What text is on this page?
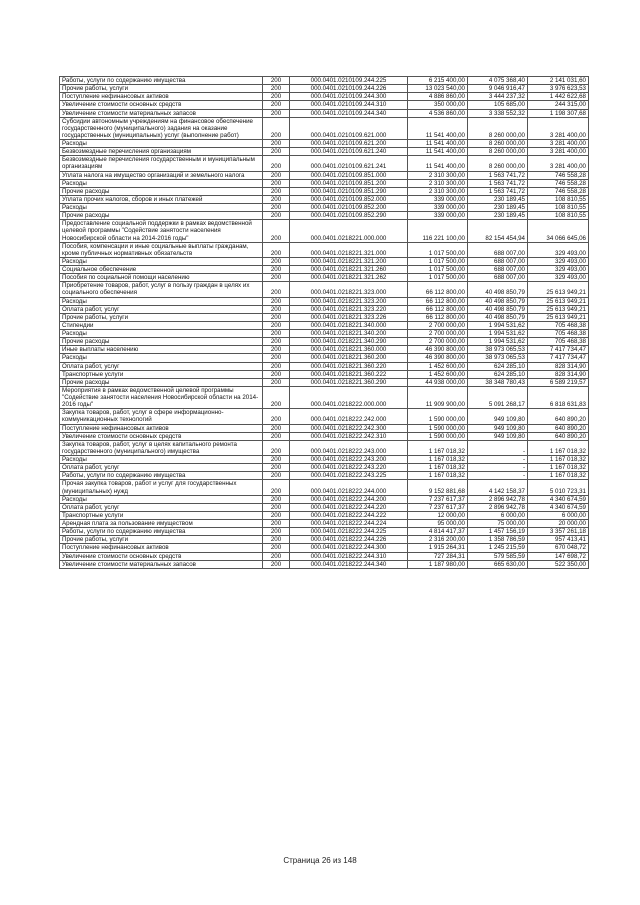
Работы, услуги по содержанию имущества	200	000.0401.0210109.244.225	6 215 400,00	4 075 368,40	2 141 031,60
Прочие работы, услуги	200	000.0401.0210109.244.226	13 023 540,00	9 046 916,47	3 976 623,53
Поступление нефинансовых активов	200	000.0401.0210109.244.300	4 886 860,00	3 444 237,32	1 442 622,68
Увеличение стоимости основных средств	200	000.0401.0210109.244.310	350 000,00	105 685,00	244 315,00
Увеличение стоимости материальных запасов	200	000.0401.0210109.244.340	4 536 860,00	3 338 552,32	1 198 307,68
Субсидии автономным учреждениям на финансовое обеспечение государственного (муниципального) задания на оказание государственных (муниципальных) услуг (выполнение работ)	200	000.0401.0210109.621.000	11 541 400,00	8 260 000,00	3 281 400,00
Расходы	200	000.0401.0210109.621.200	11 541 400,00	8 260 000,00	3 281 400,00
Безвозмездные перечисления организациям	200	000.0401.0210109.621.240	11 541 400,00	8 260 000,00	3 281 400,00
Безвозмездные перечисления государственным и муниципальным организациям	200	000.0401.0210109.621.241	11 541 400,00	8 260 000,00	3 281 400,00
Уплата налога на имущество организаций и земельного налога	200	000.0401.0210109.851.000	2 310 300,00	1 563 741,72	746 558,28
Расходы	200	000.0401.0210109.851.200	2 310 300,00	1 563 741,72	746 558,28
Прочие расходы	200	000.0401.0210109.851.290	2 310 300,00	1 563 741,72	746 558,28
Уплата прочих налогов, сборов и иных платежей	200	000.0401.0210109.852.000	339 000,00	230 189,45	108 810,55
Расходы	200	000.0401.0210109.852.200	339 000,00	230 189,45	108 810,55
Прочие расходы	200	000.0401.0210109.852.290	339 000,00	230 189,45	108 810,55
Предоставление социальной поддержки в рамках ведомственной целевой программы "Содействие занятости населения Новосибирской области на 2014-2016 годы"	200	000.0401.0218221.000.000	116 221 100,00	82 154 454,94	34 066 645,06
Пособия, компенсации и иные социальные выплаты гражданам, кроме публичных нормативных обязательств	200	000.0401.0218221.321.000	1 017 500,00	688 007,00	329 493,00
Расходы	200	000.0401.0218221.321.200	1 017 500,00	688 007,00	329 493,00
Социальное обеспечение	200	000.0401.0218221.321.260	1 017 500,00	688 007,00	329 493,00
Пособия по социальной помощи населению	200	000.0401.0218221.321.262	1 017 500,00	688 007,00	329 493,00
Приобретение товаров, работ, услуг в пользу граждан в целях их социального обеспечения	200	000.0401.0218221.323.000	66 112 800,00	40 498 850,79	25 613 949,21
Расходы	200	000.0401.0218221.323.200	66 112 800,00	40 498 850,79	25 613 949,21
Оплата работ, услуг	200	000.0401.0218221.323.220	66 112 800,00	40 498 850,79	25 613 949,21
Прочие работы, услуги	200	000.0401.0218221.323.226	66 112 800,00	40 498 850,79	25 613 949,21
Стипендии	200	000.0401.0218221.340.000	2 700 000,00	1 994 531,62	705 468,38
Расходы	200	000.0401.0218221.340.200	2 700 000,00	1 994 531,62	705 468,38
Прочие расходы	200	000.0401.0218221.340.290	2 700 000,00	1 994 531,62	705 468,38
Иные выплаты населению	200	000.0401.0218221.360.000	46 390 800,00	38 973 065,53	7 417 734,47
Расходы	200	000.0401.0218221.360.200	46 390 800,00	38 973 065,53	7 417 734,47
Оплата работ, услуг	200	000.0401.0218221.360.220	1 452 600,00	624 285,10	828 314,90
Транспортные услуги	200	000.0401.0218221.360.222	1 452 600,00	624 285,10	828 314,90
Прочие расходы	200	000.0401.0218221.360.290	44 938 000,00	38 348 780,43	6 589 219,57
Мероприятия в рамках ведомственной целевой программы "Содействие занятости населения Новосибирской области на 2014-2016 годы"	200	000.0401.0218222.000.000	11 909 900,00	5 091 268,17	6 818 631,83
Закупка товаров, работ, услуг в сфере информационно-коммуникационных технологий	200	000.0401.0218222.242.000	1 590 000,00	949 109,80	640 890,20
Поступление нефинансовых активов	200	000.0401.0218222.242.300	1 590 000,00	949 109,80	640 890,20
Увеличение стоимости основных средств	200	000.0401.0218222.242.310	1 590 000,00	949 109,80	640 890,20
Закупка товаров, работ, услуг в целях капитального ремонта государственного (муниципального) имущества	200	000.0401.0218222.243.000	1 167 018,32	-	1 167 018,32
Расходы	200	000.0401.0218222.243.200	1 167 018,32	-	1 167 018,32
Оплата работ, услуг	200	000.0401.0218222.243.220	1 167 018,32	-	1 167 018,32
Работы, услуги по содержанию имущества	200	000.0401.0218222.243.225	1 167 018,32	-	1 167 018,32
Прочая закупка товаров, работ и услуг для государственных (муниципальных) нужд	200	000.0401.0218222.244.000	9 152 881,68	4 142 158,37	5 010 723,31
Расходы	200	000.0401.0218222.244.200	7 237 617,37	2 896 942,78	4 340 674,59
Оплата работ, услуг	200	000.0401.0218222.244.220	7 237 617,37	2 896 942,78	4 340 674,59
Транспортные услуги	200	000.0401.0218222.244.222	12 000,00	6 000,00	6 000,00
Арендная плата за пользование имуществом	200	000.0401.0218222.244.224	95 000,00	75 000,00	20 000,00
Работы, услуги по содержанию имущества	200	000.0401.0218222.244.225	4 814 417,37	1 457 156,19	3 357 261,18
Прочие работы, услуги	200	000.0401.0218222.244.226	2 316 200,00	1 358 786,59	957 413,41
Поступление нефинансовых активов	200	000.0401.0218222.244.300	1 915 264,31	1 245 215,59	670 048,72
Увеличение стоимости основных средств	200	000.0401.0218222.244.310	727 284,31	579 585,59	147 698,72
Увеличение стоимости материальных запасов	200	000.0401.0218222.244.340	1 187 980,00	665 630,00	522 350,00
Страница 26 из 148
